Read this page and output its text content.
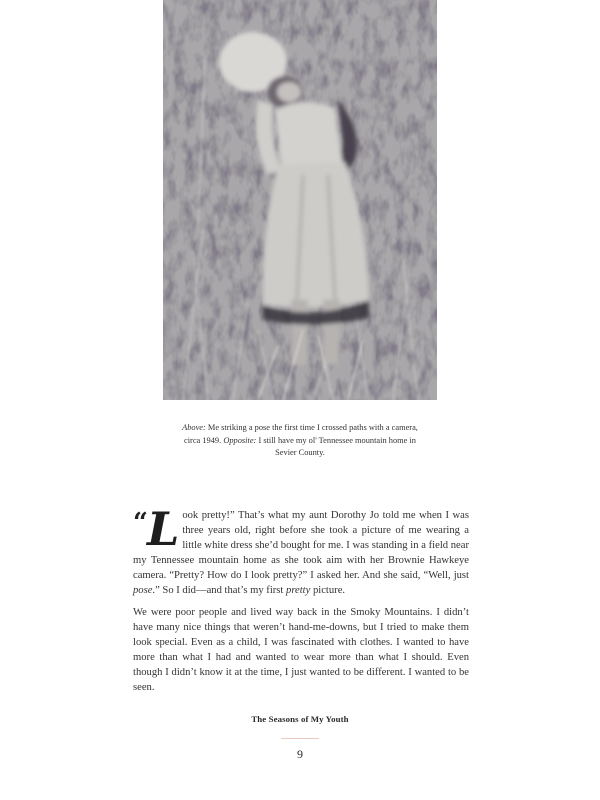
Above: Me striking a pose the first time I crossed paths with a camera, circa 1949. Opposite: I still have my ol' Tennessee mountain home in Sevier County.

“ L ook pretty!” That’s what my aunt Dorothy Jo told me when I was three years old, right before she took a picture of me wearing a little white dress she’d bought for me. I was standing in a field near my Tennessee mountain home as she took aim with her Brownie Hawkeye camera. “Pretty? How do I look pretty?” I asked her. And she said, “Well, just pose.” So I did—and that’s my first pretty picture.

We were poor people and lived way back in the Smoky Mountains. I didn’t have many nice things that weren’t hand-me-downs, but I tried to make them look special. Even as a child, I was fascinated with clothes. I wanted to have more than what I had and wanted to wear more than what I should. Even though I didn’t know it at the time, I just wanted to be different. I wanted to be seen.

The Seasons of My Youth
9
